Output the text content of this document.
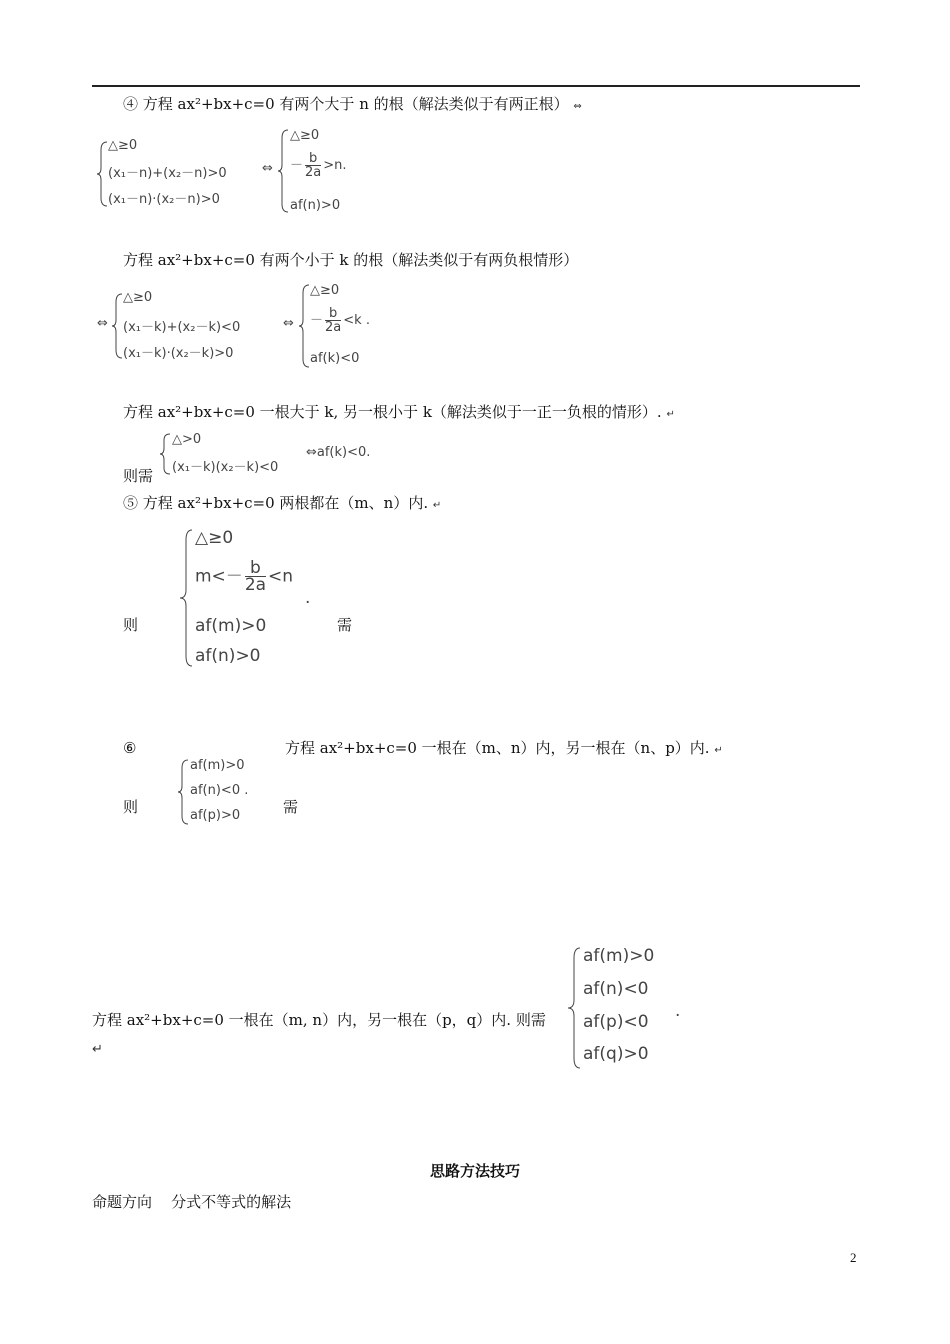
④ 方程 ax²+bx+c=0 有两个大于 n 的根（解法类似于有两正根） ⇔
△≥0
(x₁－n)+(x₂－n)>0
(x₁－n)·(x₂－n)>0
⇔
△≥0
－ $\frac{b}{2a} >n$.
af(n)>0
方程 ax²+bx+c=0 有两个小于 k 的根（解法类似于有两负根情形）
⇔
△≥0
(x₁－k)+(x₂－k)<0
(x₁－k)·(x₂－k)>0
⇔
△≥0
－ $\frac{b}{2a} <k$ .
af(k)<0
方程 ax²+bx+c=0 一根大于 k, 另一根小于 k（解法类似于一正一负根的情形）. ↵
△>0
(x₁－k)(x₂－k)<0
⇔af(k)<0.
则需
⑤ 方程 ax²+bx+c=0 两根都在（m、n）内. ↵
△≥0
$m<- \frac{b}{2a} <n$
af(m)>0
af(n)>0
.
则	需
⑥	方程 ax²+bx+c=0 一根在（m、n）内，另一根在（n、p）内. ↵
af(m)>0
af(n)<0 .
af(p)>0
则	需
af(m)>0
af(n)<0
af(p)<0
af(q)>0
.
方程 ax²+bx+c=0 一根在（m, n）内，另一根在（p，q）内. 则需
↵
思路方法技巧
命题方向    分式不等式的解法
2
